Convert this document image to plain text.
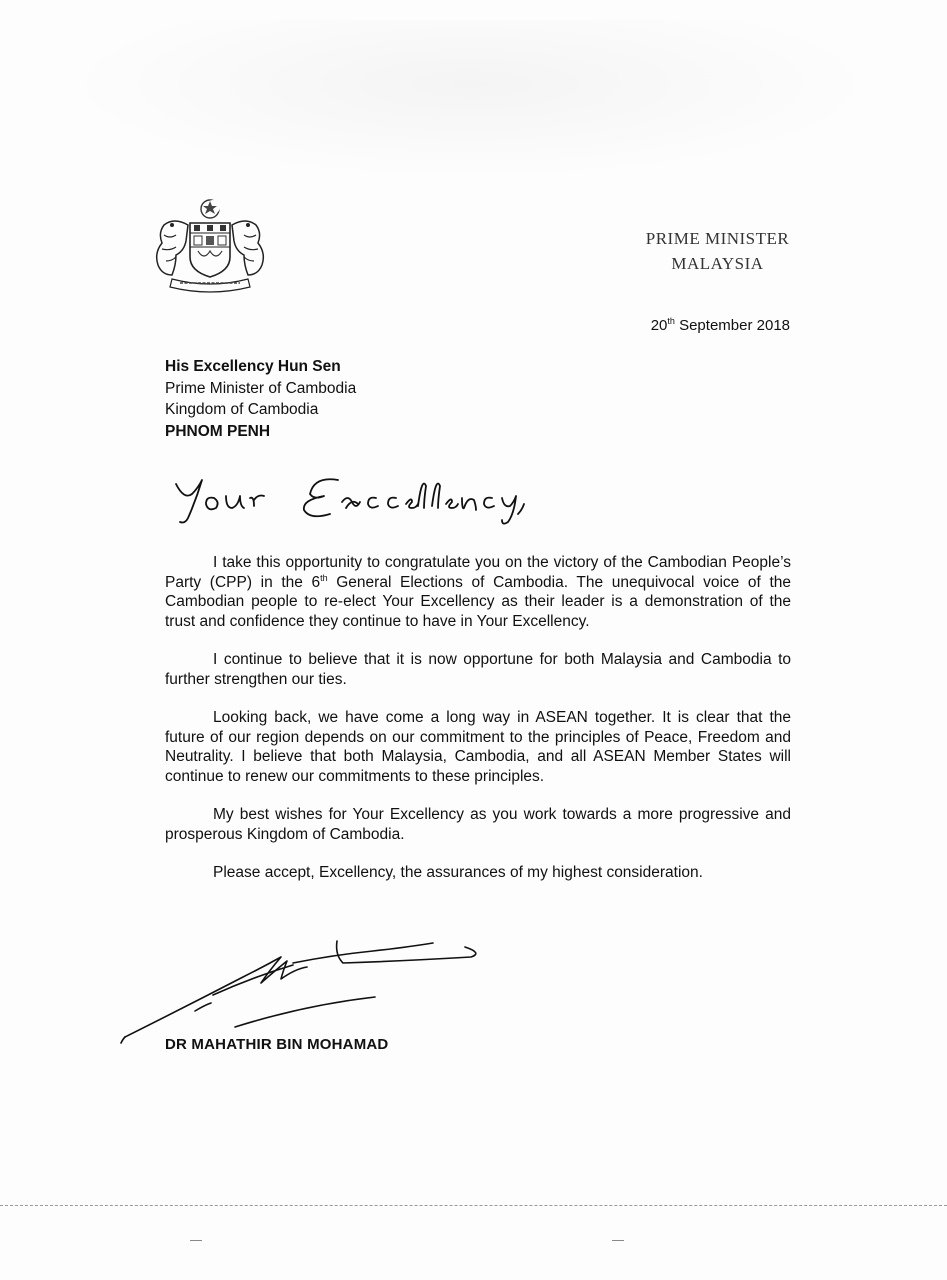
PRIME MINISTER
MALAYSIA
20th September 2018
His Excellency Hun Sen
Prime Minister of Cambodia
Kingdom of Cambodia
PHNOM PENH

I take this opportunity to congratulate you on the victory of the Cambodian People’s Party (CPP) in the 6th General Elections of Cambodia. The unequivocal voice of the Cambodian people to re-elect Your Excellency as their leader is a demonstration of the trust and confidence they continue to have in Your Excellency.

I continue to believe that it is now opportune for both Malaysia and Cambodia to further strengthen our ties.

Looking back, we have come a long way in ASEAN together. It is clear that the future of our region depends on our commitment to the principles of Peace, Freedom and Neutrality. I believe that both Malaysia, Cambodia, and all ASEAN Member States will continue to renew our commitments to these principles.

My best wishes for Your Excellency as you work towards a more progressive and prosperous Kingdom of Cambodia.

Please accept, Excellency, the assurances of my highest consideration.

DR MAHATHIR BIN MOHAMAD
